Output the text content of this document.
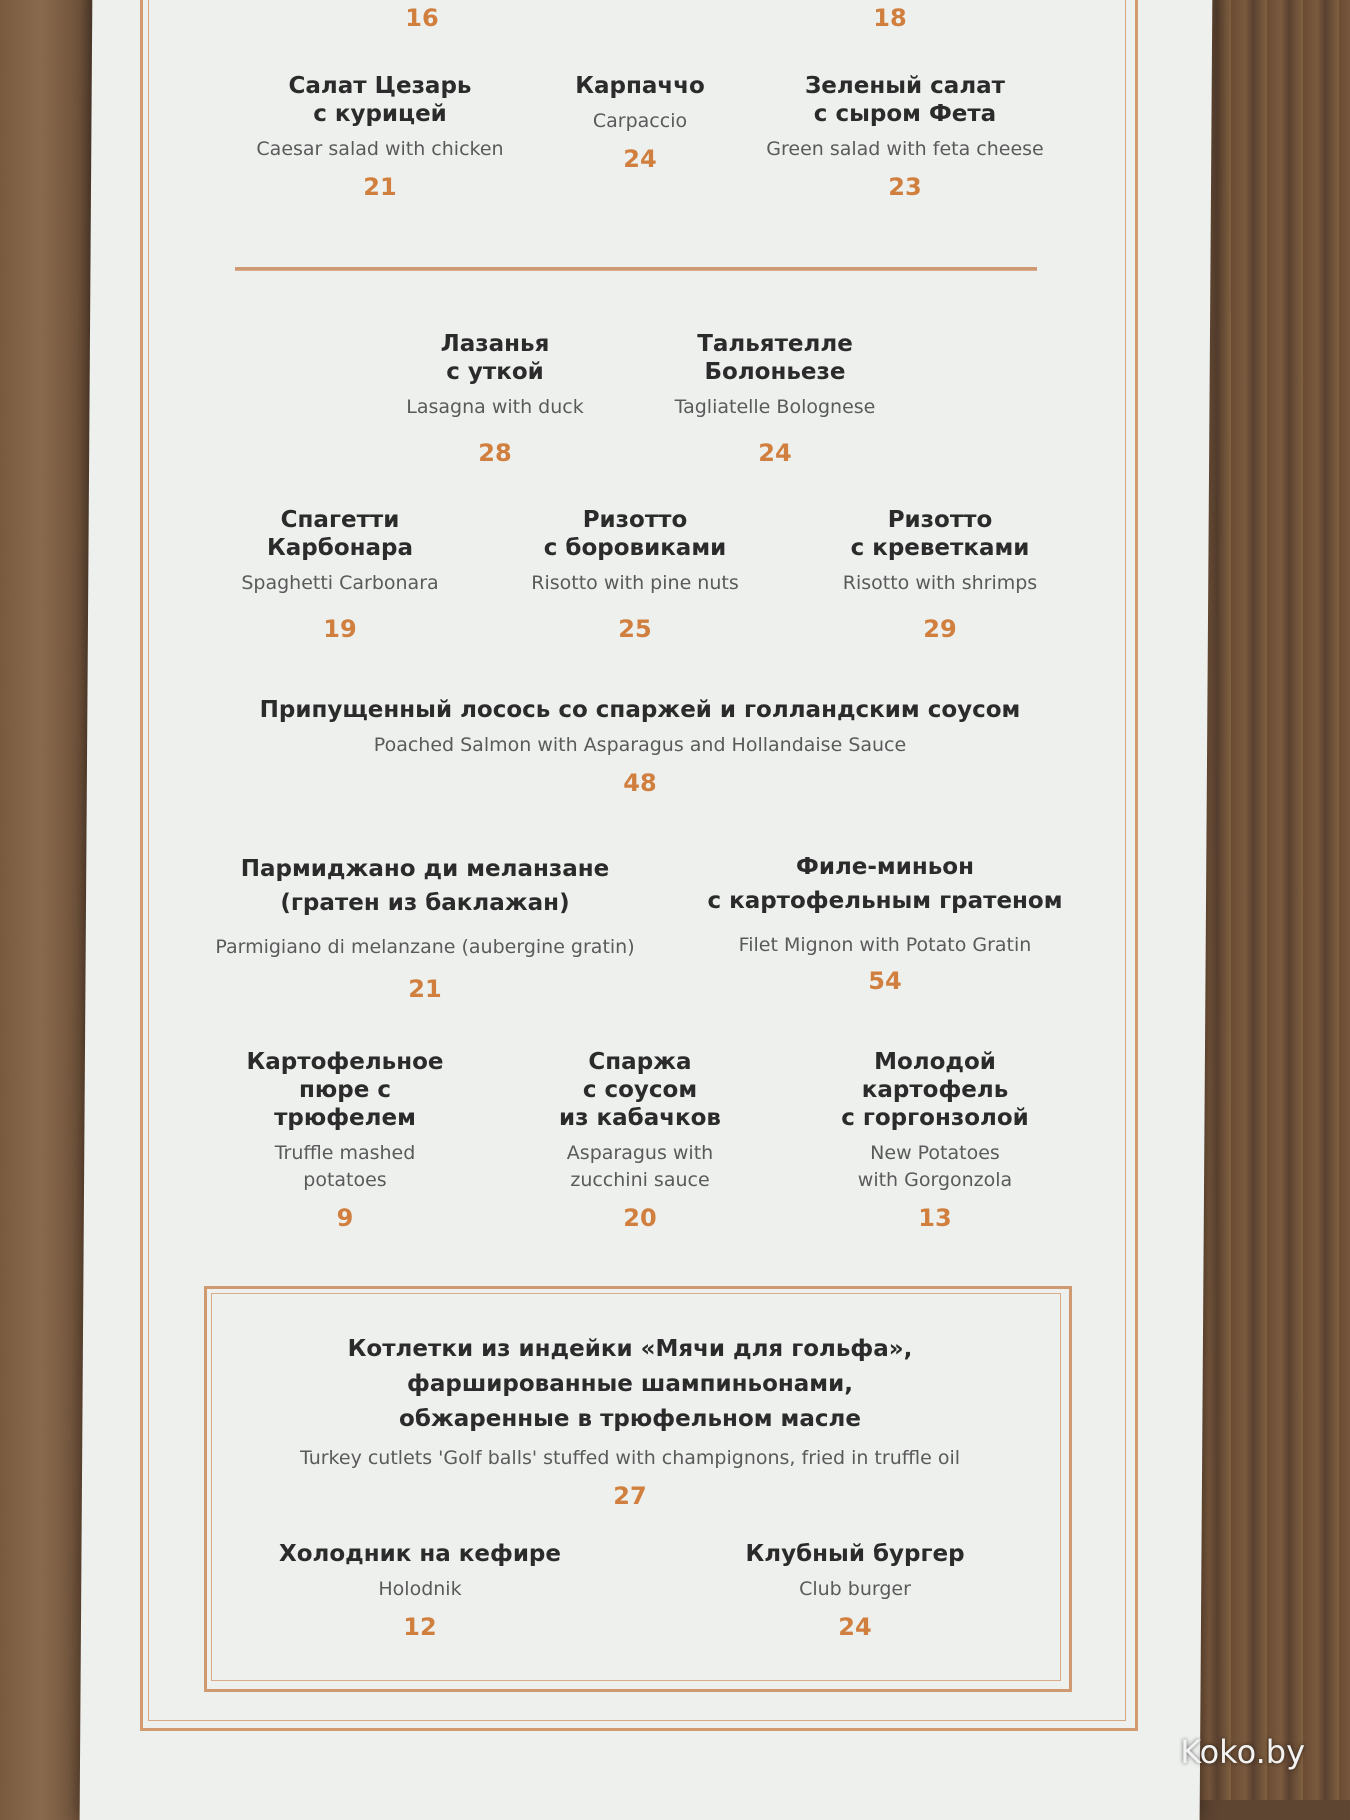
16	18
Салат Цезарь
с курицей
Caesar salad with chicken
21
Карпаччо
Carpaccio
24
Зеленый салат
с сыром Фета
Green salad with feta cheese
23
Лазанья
с уткой
Lasagna with duck
28
Тальятелле
Болоньезе
Tagliatelle Bolognese
24
Спагетти
Карбонара
Spaghetti Carbonara
19
Ризотто
с боровиками
Risotto with pine nuts
25
Ризотто
с креветками
Risotto with shrimps
29
Припущенный лосось со спаржей и голландским соусом
Poached Salmon with Asparagus and Hollandaise Sauce
48
Пармиджано ди меланзане
(гратен из баклажан)
Parmigiano di melanzane (aubergine gratin)
21
Филе-миньон
с картофельным гратеном
Filet Mignon with Potato Gratin
54
Картофельное
пюре с
трюфелем
Truffle mashed
potatoes
9
Спаржа
с соусом
из кабачков
Asparagus with
zucchini sauce
20
Молодой
картофель
с горгонзолой
New Potatoes
with Gorgonzola
13
Котлетки из индейки «Мячи для гольфа»,
фаршированные шампиньонами,
обжаренные в трюфельном масле
Turkey cutlets 'Golf balls' stuffed with champignons, fried in truffle oil
27
Холодник на кефире
Holodnik
12
Клубный бургер
Club burger
24
Koko.by
